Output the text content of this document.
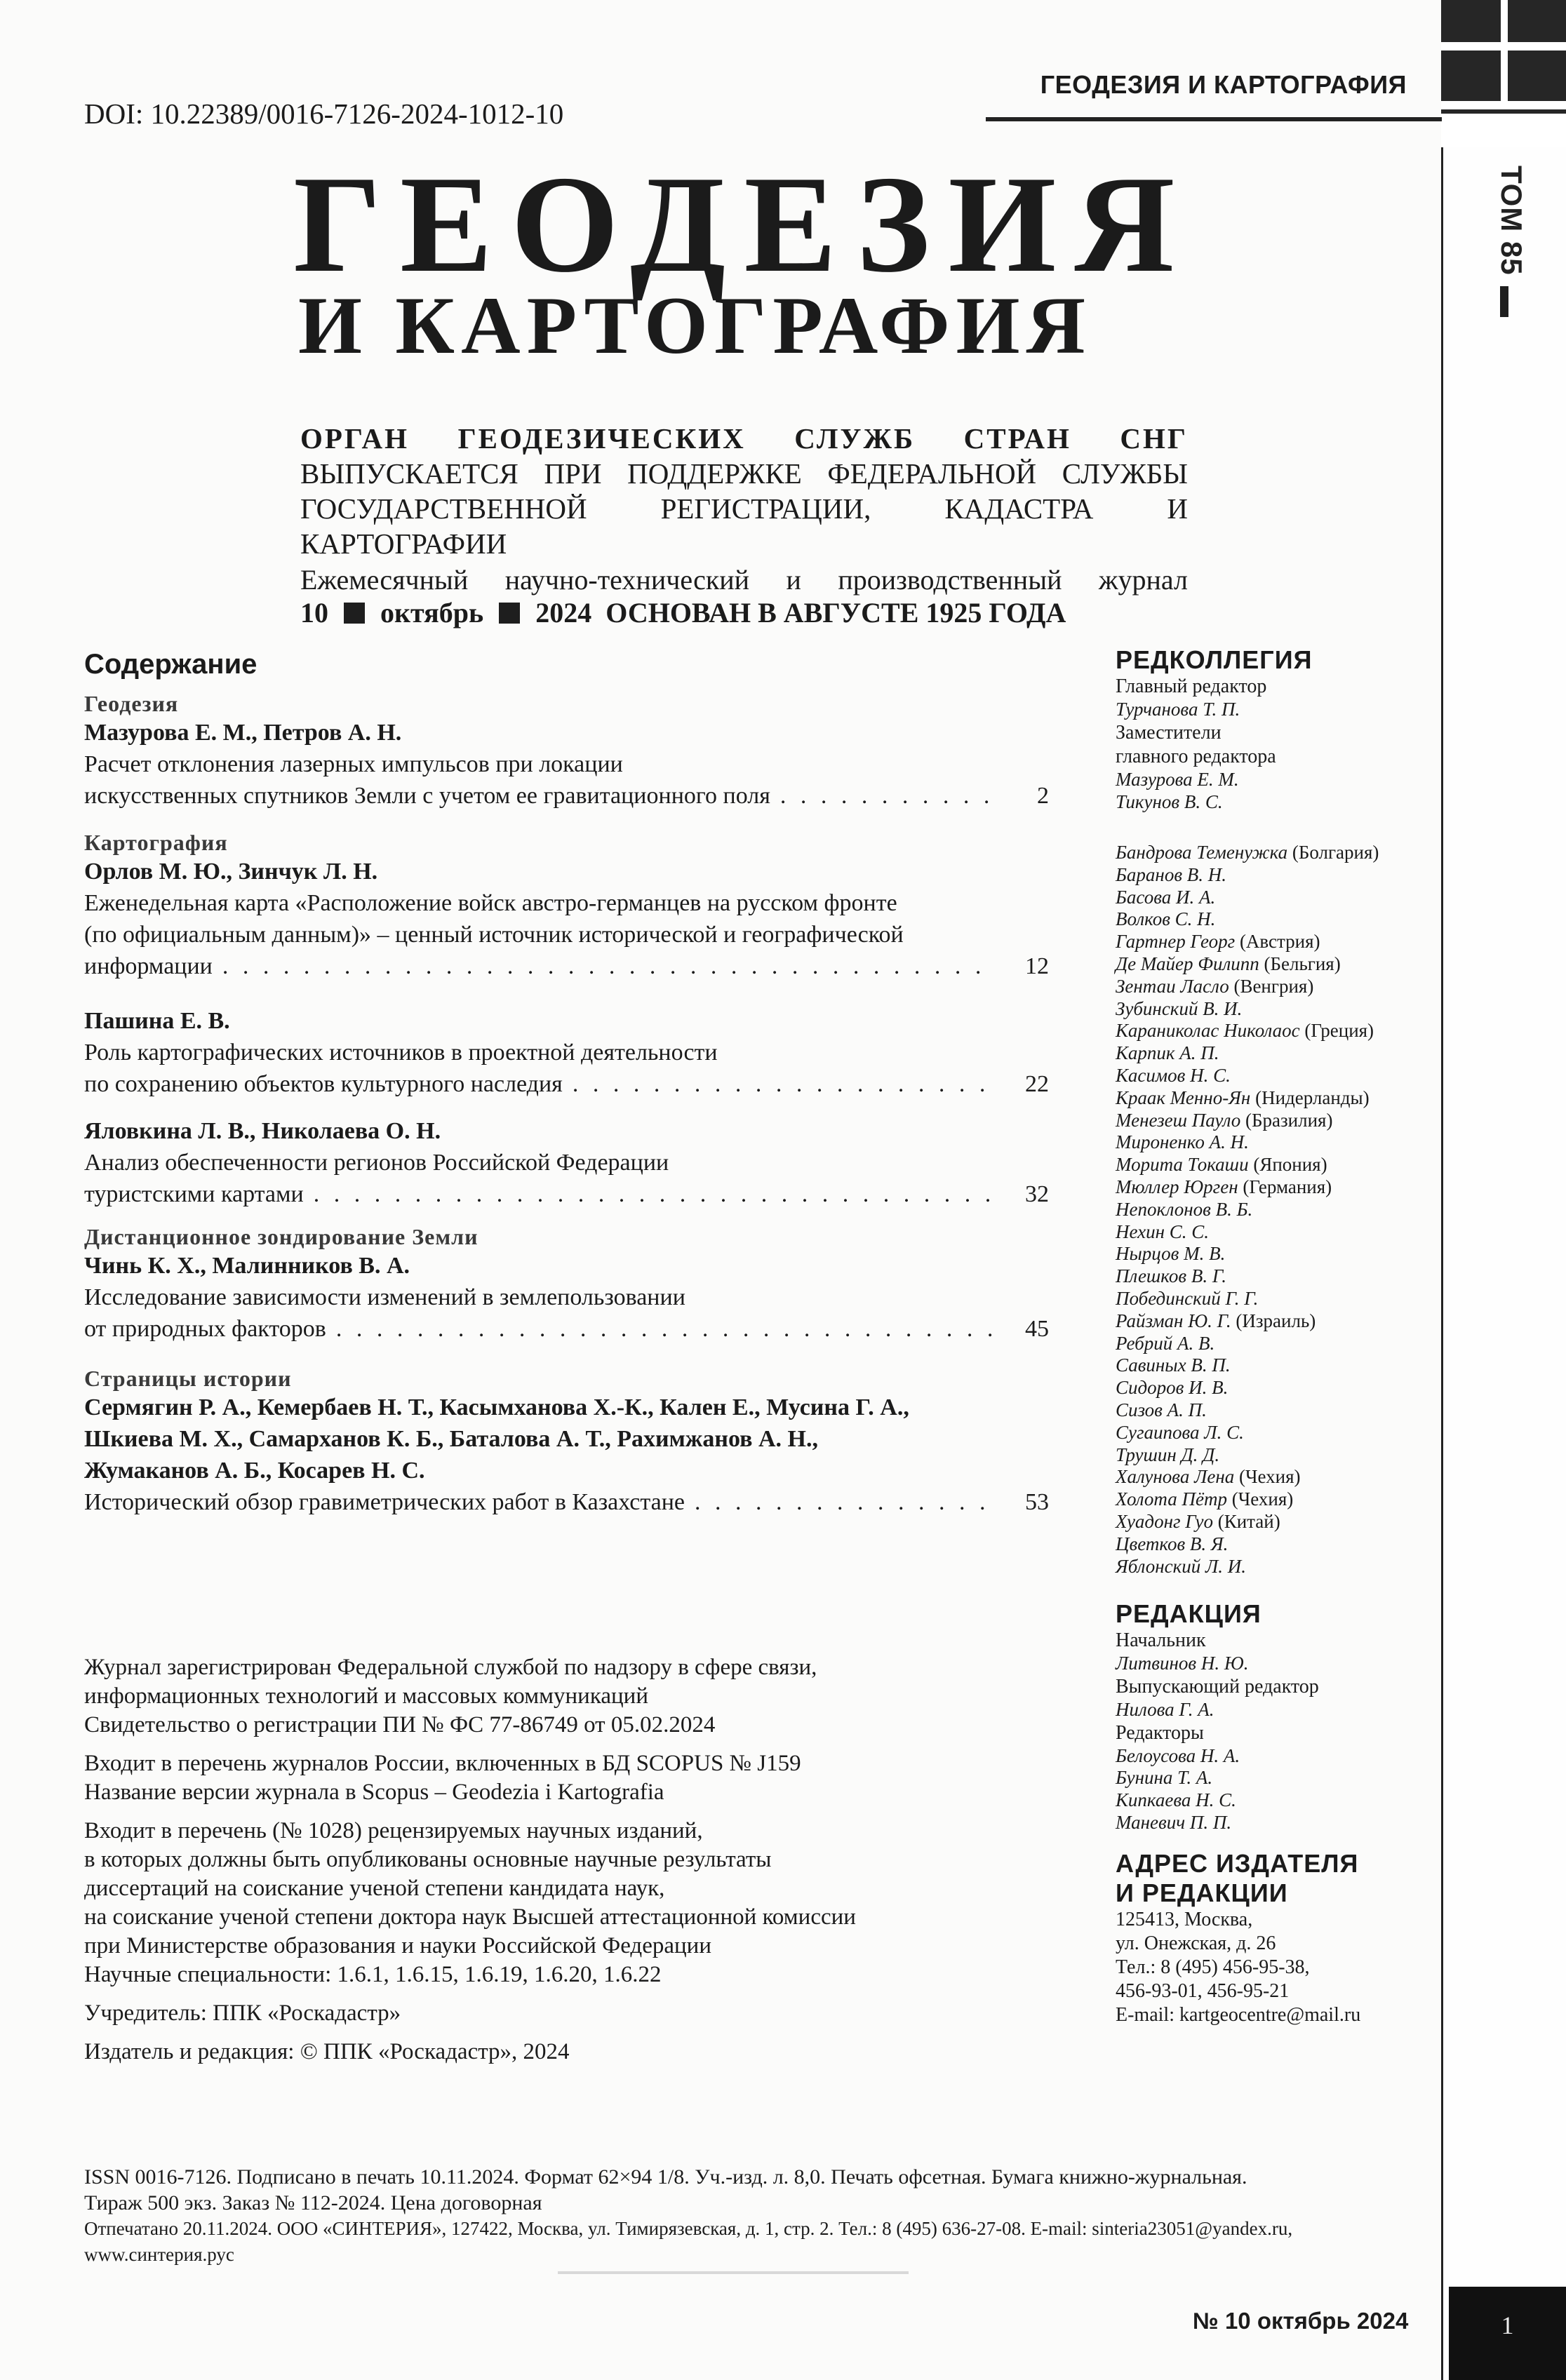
ТОМ 85
ГЕОДЕЗИЯ И КАРТОГРАФИЯ
DOI: 10.22389/0016-7126-2024-1012-10
ГЕОДЕЗИЯ
И КАРТОГРАФИЯ
ОРГАН ГЕОДЕЗИЧЕСКИХ СЛУЖБ СТРАН СНГ
ВЫПУСКАЕТСЯ ПРИ ПОДДЕРЖКЕ ФЕДЕРАЛЬНОЙ СЛУЖБЫ
ГОСУДАРСТВЕННОЙ РЕГИСТРАЦИИ, КАДАСТРА И КАРТОГРАФИИ
Ежемесячный научно-технический и производственный журнал
10 октябрь 2024 ОСНОВАН В АВГУСТЕ 1925 ГОДА
Содержание
Геодезия
Мазурова Е. М., Петров А. Н.
Расчет отклонения лазерных импульсов при локации
искусственных спутников Земли с учетом ее гравитационного поля . . .	2
Картография
Орлов М. Ю., Зинчук Л. Н.
Еженедельная карта «Расположение войск австро-германцев на русском фронте
(по официальным данным)» – ценный источник исторической и географической
информации . . .	12
Пашина Е. В.
Роль картографических источников в проектной деятельности
по сохранению объектов культурного наследия . . .	22
Яловкина Л. В., Николаева О. Н.
Анализ обеспеченности регионов Российской Федерации
туристскими картами . . .	32
Дистанционное зондирование Земли
Чинь К. Х., Малинников В. А.
Исследование зависимости изменений в землепользовании
от природных факторов . . .	45
Страницы истории
Сермягин Р. А., Кемербаев Н. Т., Касымханова Х.-К., Кален Е., Мусина Г. А.,
Шкиева М. Х., Самарханов К. Б., Баталова А. Т., Рахимжанов А. Н.,
Жумаканов А. Б., Косарев Н. С.
Исторический обзор гравиметрических работ в Казахстане . . .	53
РЕДКОЛЛЕГИЯ
Главный редактор
Турчанова Т. П.
Заместители
главного редактора
Мазурова Е. М.
Тикунов В. С.
Бандрова Теменужка (Болгария)
Баранов В. Н.
Басова И. А.
Волков С. Н.
Гартнер Георг (Австрия)
Де Майер Филипп (Бельгия)
Зентаи Ласло (Венгрия)
Зубинский В. И.
Караниколас Николаос (Греция)
Карпик А. П.
Касимов Н. С.
Краак Менно-Ян (Нидерланды)
Менезеш Пауло (Бразилия)
Мироненко А. Н.
Морита Токаши (Япония)
Мюллер Юрген (Германия)
Непоклонов В. Б.
Нехин С. С.
Нырцов М. В.
Плешков В. Г.
Побединский Г. Г.
Райзман Ю. Г. (Израиль)
Ребрий А. В.
Савиных В. П.
Сидоров И. В.
Сизов А. П.
Сугаипова Л. С.
Трушин Д. Д.
Халунова Лена (Чехия)
Холота Пётр (Чехия)
Хуадонг Гуо (Китай)
Цветков В. Я.
Яблонский Л. И.
РЕДАКЦИЯ
Начальник
Литвинов Н. Ю.
Выпускающий редактор
Нилова Г. А.
Редакторы
Белоусова Н. А.
Бунина Т. А.
Кипкаева Н. С.
Маневич П. П.
АДРЕС ИЗДАТЕЛЯ
И РЕДАКЦИИ
125413, Москва,
ул. Онежская, д. 26
Тел.: 8 (495) 456-95-38,
456-93-01, 456-95-21
E-mail: kartgeocentre@mail.ru
Журнал зарегистрирован Федеральной службой по надзору в сфере связи,
информационных технологий и массовых коммуникаций
Свидетельство о регистрации ПИ № ФС 77-86749 от 05.02.2024
Входит в перечень журналов России, включенных в БД SCOPUS № J159
Название версии журнала в Scopus – Geodezia i Kartografia
Входит в перечень (№ 1028) рецензируемых научных изданий,
в которых должны быть опубликованы основные научные результаты
диссертаций на соискание ученой степени кандидата наук,
на соискание ученой степени доктора наук Высшей аттестационной комиссии
при Министерстве образования и науки Российской Федерации
Научные специальности: 1.6.1, 1.6.15, 1.6.19, 1.6.20, 1.6.22
Учредитель: ППК «Роскадастр»
Издатель и редакция: © ППК «Роскадастр», 2024
ISSN 0016-7126. Подписано в печать 10.11.2024. Формат 62×94 1/8. Уч.-изд. л. 8,0. Печать офсетная. Бумага книжно-журнальная.
Тираж 500 экз. Заказ № 112-2024. Цена договорная
Отпечатано 20.11.2024. ООО «СИНТЕРИЯ», 127422, Москва, ул. Тимирязевская, д. 1, стр. 2. Тел.: 8 (495) 636-27-08. E-mail: sinteria23051@yandex.ru,
www.синтерия.рус
№ 10 октябрь 2024	1
